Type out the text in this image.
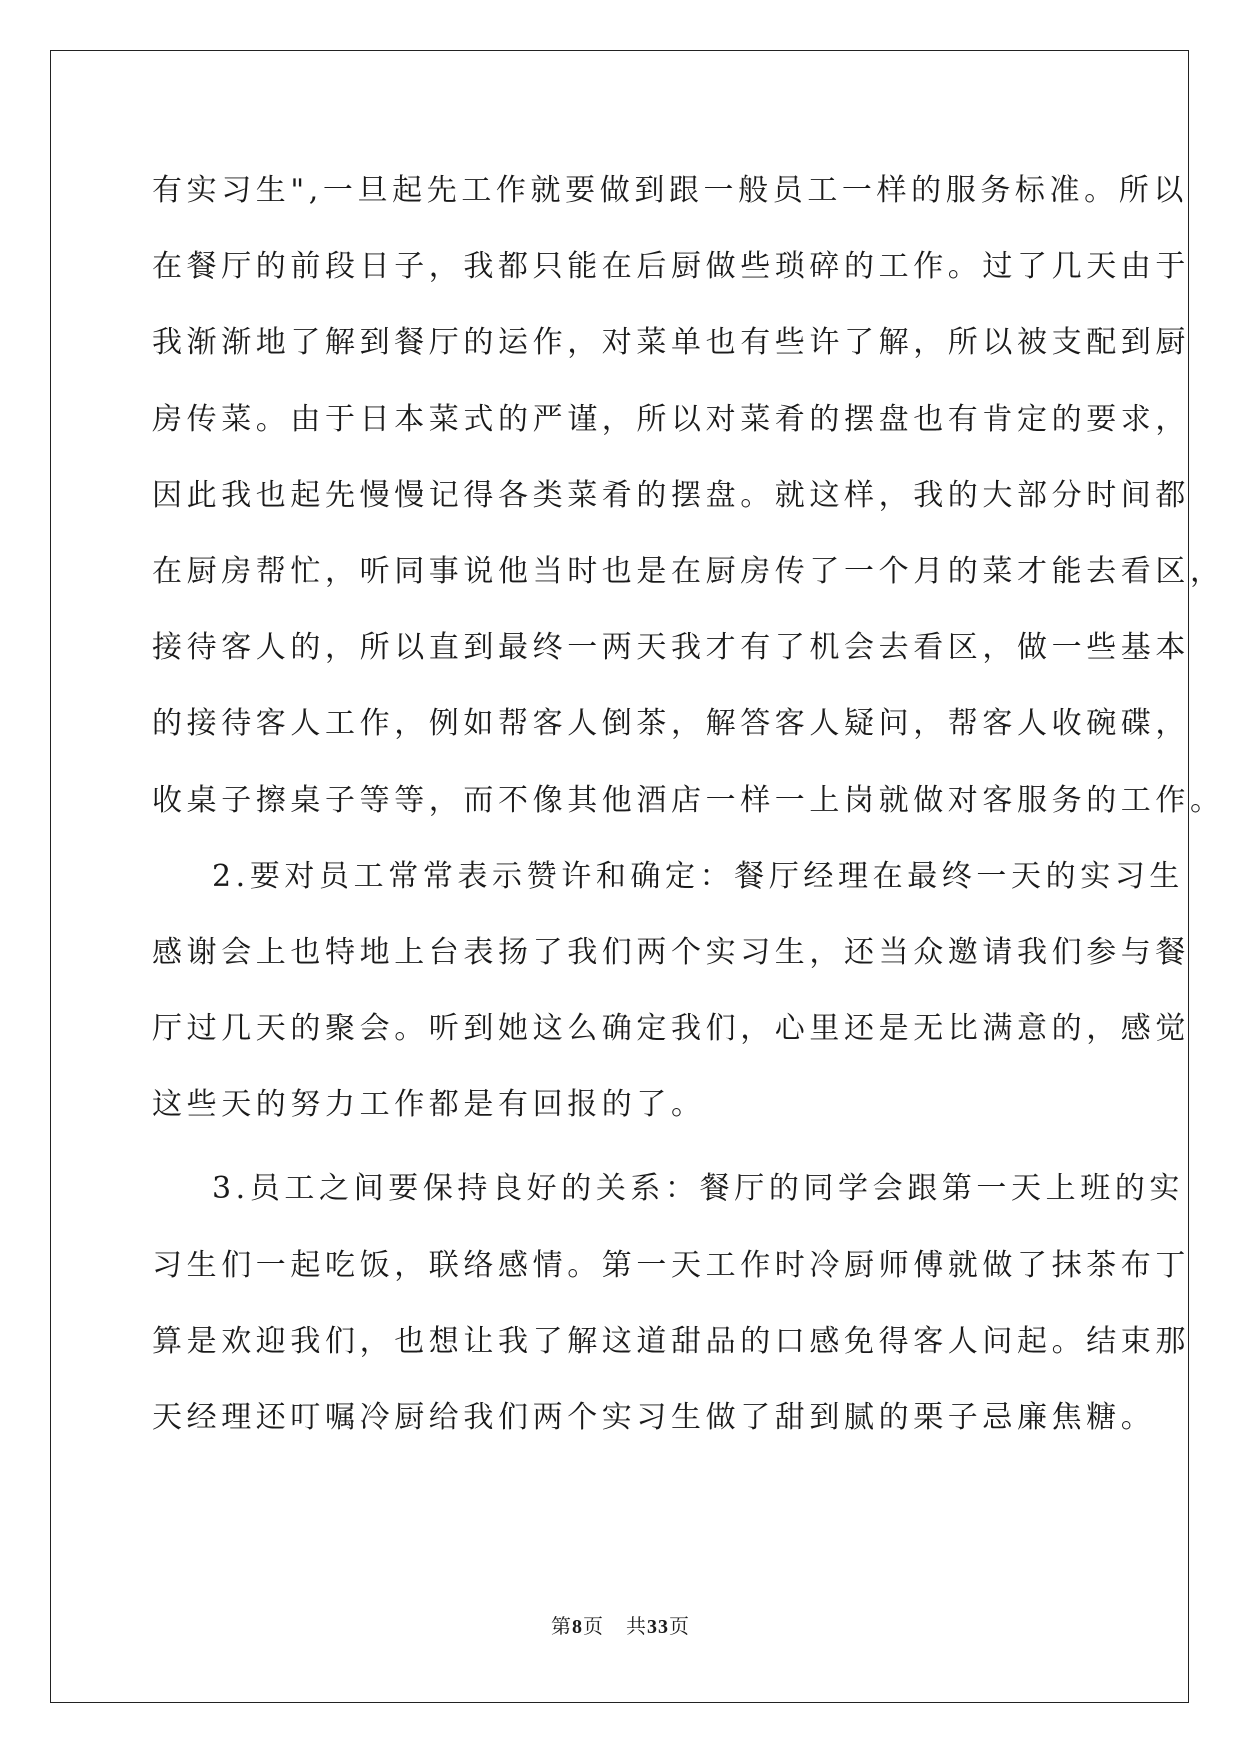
有实习生",一旦起先工作就要做到跟一般员工一样的服务标准。所以
在餐厅的前段日子，我都只能在后厨做些琐碎的工作。过了几天由于
我渐渐地了解到餐厅的运作，对菜单也有些许了解，所以被支配到厨
房传菜。由于日本菜式的严谨，所以对菜肴的摆盘也有肯定的要求，
因此我也起先慢慢记得各类菜肴的摆盘。就这样，我的大部分时间都
在厨房帮忙，听同事说他当时也是在厨房传了一个月的菜才能去看区，
接待客人的，所以直到最终一两天我才有了机会去看区，做一些基本
的接待客人工作，例如帮客人倒茶，解答客人疑问，帮客人收碗碟，
收桌子擦桌子等等，而不像其他酒店一样一上岗就做对客服务的工作。
2.要对员工常常表示赞许和确定：餐厅经理在最终一天的实习生
感谢会上也特地上台表扬了我们两个实习生，还当众邀请我们参与餐
厅过几天的聚会。听到她这么确定我们，心里还是无比满意的，感觉
这些天的努力工作都是有回报的了。
3.员工之间要保持良好的关系：餐厅的同学会跟第一天上班的实
习生们一起吃饭，联络感情。第一天工作时冷厨师傅就做了抹茶布丁
算是欢迎我们，也想让我了解这道甜品的口感免得客人问起。结束那
天经理还叮嘱冷厨给我们两个实习生做了甜到腻的栗子忌廉焦糖。
第8页 共33页
